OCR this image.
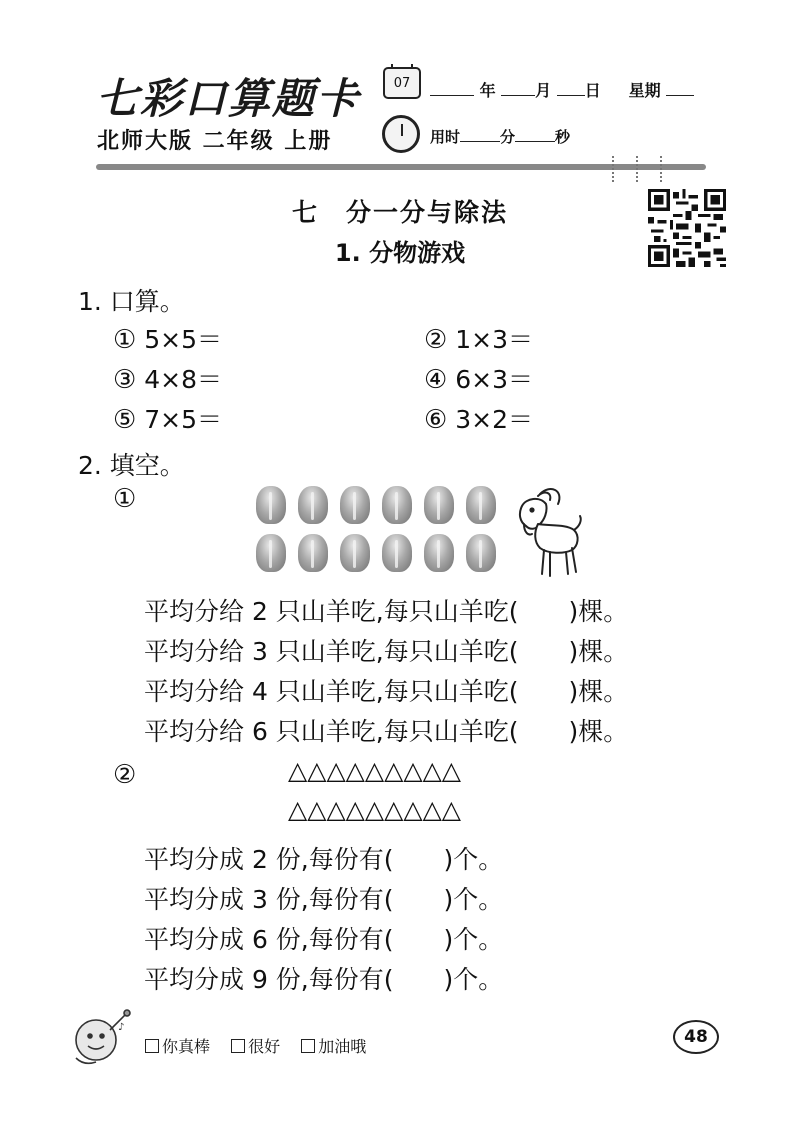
七彩口算题卡
北师大版 二年级 上册
07	年 月 日 星期
用时	分	秒
七　分一分与除法
1. 分物游戏
1. 口算。
① 5×5＝	② 1×3＝
③ 4×8＝	④ 6×3＝
⑤ 7×5＝	⑥ 3×2＝
2. 填空。
①
平均分给 2 只山羊吃,每只山羊吃(　　)棵。
平均分给 3 只山羊吃,每只山羊吃(　　)棵。
平均分给 4 只山羊吃,每只山羊吃(　　)棵。
平均分给 6 只山羊吃,每只山羊吃(　　)棵。
②	△△△△△△△△△
△△△△△△△△△
平均分成 2 份,每份有(　　)个。
平均分成 3 份,每份有(　　)个。
平均分成 6 份,每份有(　　)个。
平均分成 9 份,每份有(　　)个。
♪
你真棒 很好 加油哦	48
